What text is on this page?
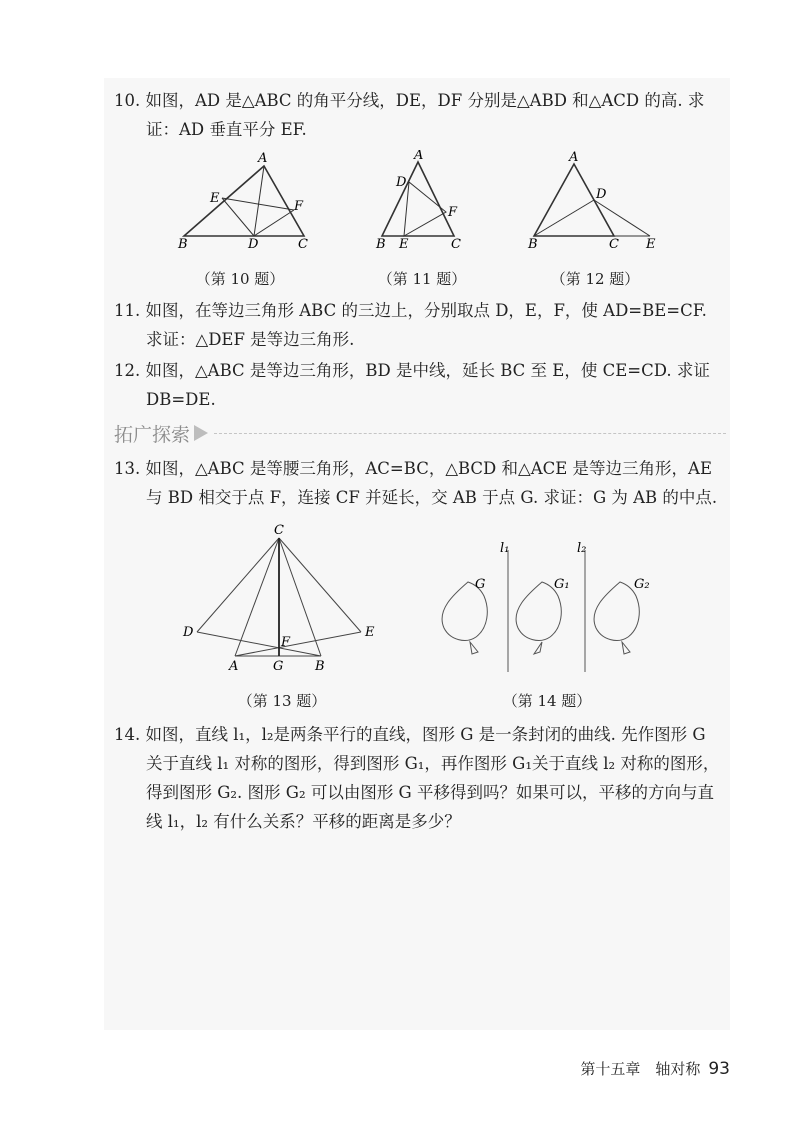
10. 如图，AD 是△ABC 的角平分线，DE，DF 分别是△ABD 和△ACD 的高. 求
证：AD 垂直平分 EF.
A
B	C
D
E
F
A
B	C
D
E
F
A
B	C
D
E
（第 10 题）	（第 11 题）	（第 12 题）
11. 如图，在等边三角形 ABC 的三边上，分别取点 D，E，F，使 AD=BE=CF.
求证：△DEF 是等边三角形.
12. 如图，△ABC 是等边三角形，BD 是中线，延长 BC 至 E，使 CE=CD. 求证
DB=DE.
拓广探索
13. 如图，△ABC 是等腰三角形，AC=BC，△BCD 和△ACE 是等边三角形，AE
与 BD 相交于点 F，连接 CF 并延长，交 AB 于点 G. 求证：G 为 AB 的中点.
C
D	E
F
A	G B
l₁	l₂
G	G₁	G₂
（第 13 题）	（第 14 题）
14. 如图，直线 l₁，l₂是两条平行的直线，图形 G 是一条封闭的曲线. 先作图形 G
关于直线 l₁ 对称的图形，得到图形 G₁，再作图形 G₁关于直线 l₂ 对称的图形，
得到图形 G₂. 图形 G₂ 可以由图形 G 平移得到吗？如果可以，平移的方向与直
线 l₁，l₂ 有什么关系？平移的距离是多少？
第十五章　轴对称 93
